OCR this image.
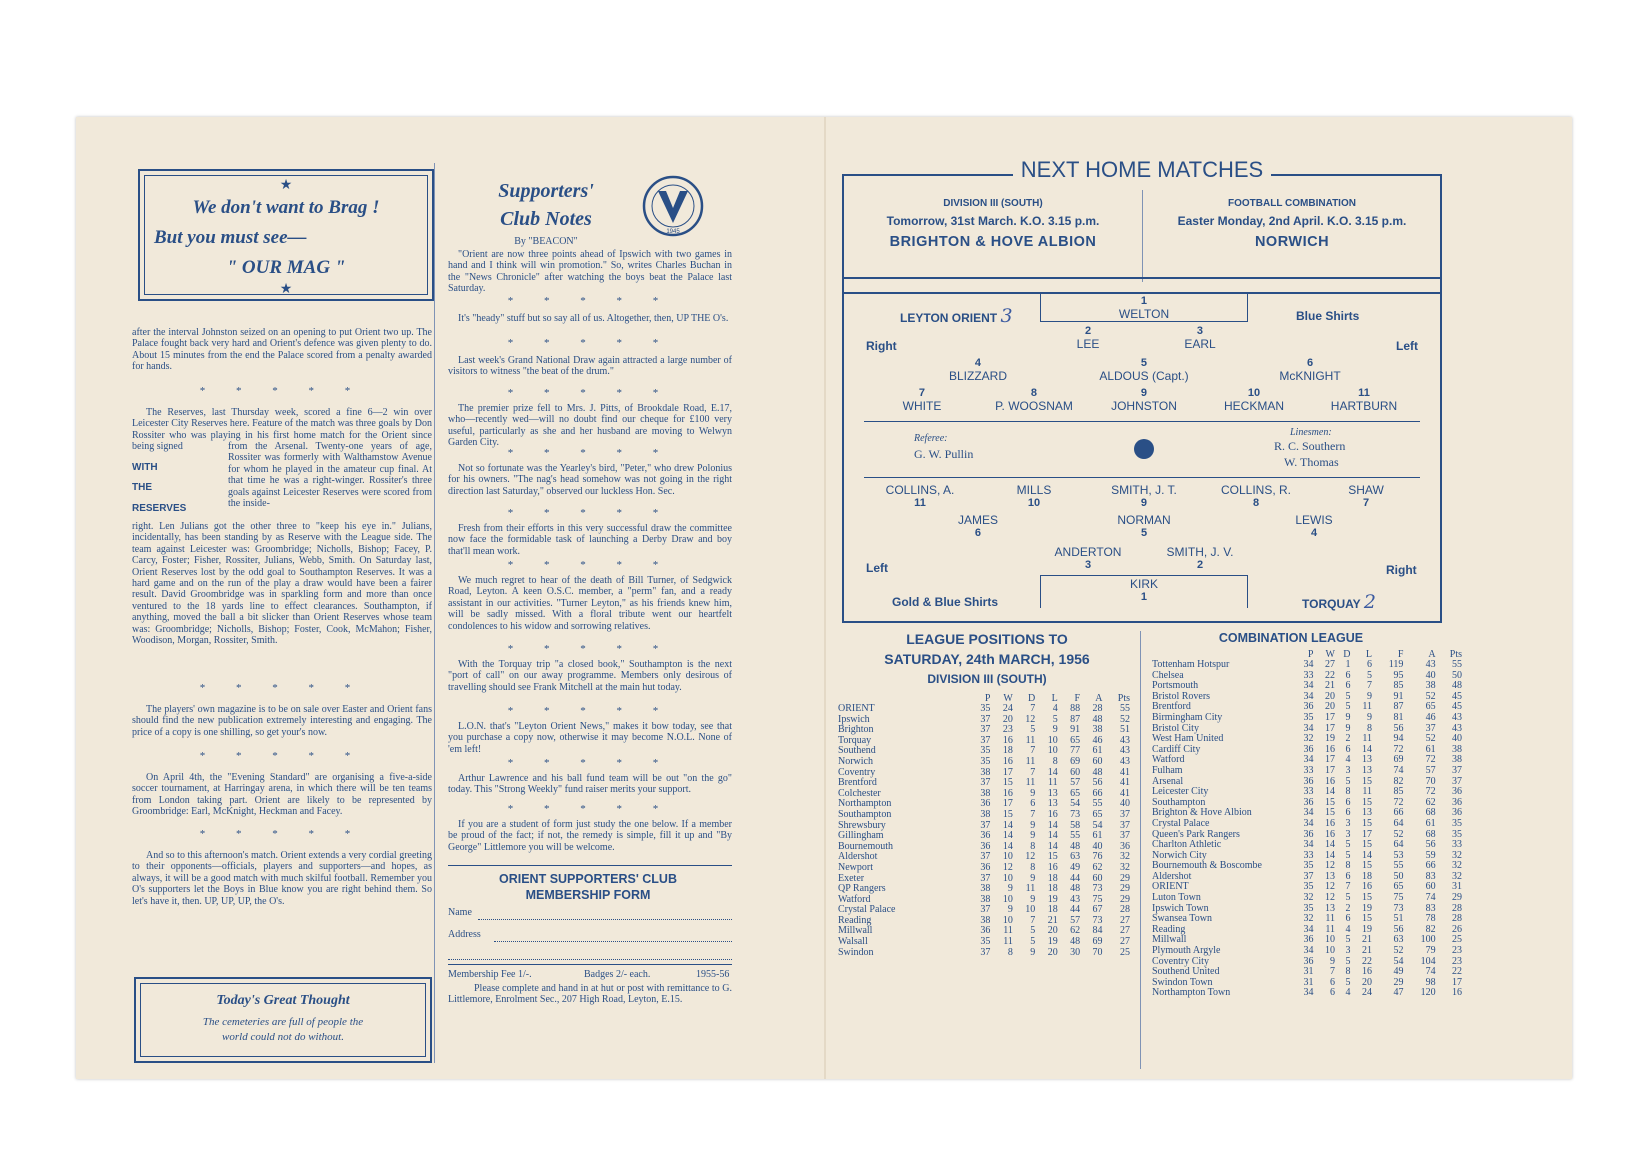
★
We don't want to Brag !
But you must see—
" OUR MAG "
★
after the interval Johnston seized on an opening to put Orient two up. The Palace fought back very hard and Orient's defence was given plenty to do. About 15 minutes from the end the Palace scored from a penalty awarded for hands.
* * * * *
The Reserves, last Thursday week, scored a fine 6—2 win over Leicester City Reserves here. Feature of the match was three goals by Don Rossiter who was playing in his first home match for the Orient since being signed
WITH
THE
RESERVES
from the Arsenal. Twenty-one years of age, Rossiter was formerly with Walthamstow Avenue for whom he played in the amateur cup final. At that time he was a right-winger. Rossiter's three goals against Leicester Reserves were scored from the inside-
right. Len Julians got the other three to "keep his eye in." Julians, incidentally, has been standing by as Reserve with the League side. The team against Leicester was: Groombridge; Nicholls, Bishop; Facey, P. Carcy, Foster; Fisher, Rossiter, Julians, Webb, Smith. On Saturday last, Orient Reserves lost by the odd goal to Southampton Reserves. It was a hard game and on the run of the play a draw would have been a fairer result. David Groombridge was in sparkling form and more than once ventured to the 18 yards line to effect clearances. Southampton, if anything, moved the ball a bit slicker than Orient Reserves whose team was: Groombridge; Nicholls, Bishop; Foster, Cook, McMahon; Fisher, Woodison, Morgan, Rossiter, Smith.
* * * * *
The players' own magazine is to be on sale over Easter and Orient fans should find the new publication extremely interesting and engaging. The price of a copy is one shilling, so get your's now.
* * * * *
On April 4th, the "Evening Standard" are organising a five-a-side soccer tournament, at Harringay arena, in which there will be ten teams from London taking part. Orient are likely to be represented by Groombridge: Earl, McKnight, Heckman and Facey.
* * * * *
And so to this afternoon's match. Orient extends a very cordial greeting to their opponents—officials, players and supporters—and hopes, as always, it will be a good match with much skilful football. Remember you O's supporters let the Boys in Blue know you are right behind them. So let's have it, then. UP, UP, UP, the O's.
Today's Great Thought
The cemeteries are full of people the
world could not do without.
Supporters'
Club Notes
By "BEACON"
1945
"Orient are now three points ahead of Ipswich with two games in hand and I think will win promotion." So, writes Charles Buchan in the "News Chronicle" after watching the boys beat the Palace last Saturday.
* * * * *
It's "heady" stuff but so say all of us. Altogether, then, UP THE O's.
* * * * *
Last week's Grand National Draw again attracted a large number of visitors to witness "the beat of the drum."
* * * * *
The premier prize fell to Mrs. J. Pitts, of Brookdale Road, E.17, who—recently wed—will no doubt find our cheque for £100 very useful, particularly as she and her husband are moving to Welwyn Garden City.
* * * * *
Not so fortunate was the Yearley's bird, "Peter," who drew Polonius for his owners. "The nag's head somehow was not going in the right direction last Saturday," observed our luckless Hon. Sec.
* * * * *
Fresh from their efforts in this very successful draw the committee now face the formidable task of launching a Derby Draw and boy that'll mean work.
* * * * *
We much regret to hear of the death of Bill Turner, of Sedgwick Road, Leyton. A keen O.S.C. member, a "perm" fan, and a ready assistant in our activities. "Turner Leyton," as his friends knew him, will be sadly missed. With a floral tribute went our heartfelt condolences to his widow and sorrowing relatives.
* * * * *
With the Torquay trip "a closed book," Southampton is the next "port of call" on our away programme. Members only desirous of travelling should see Frank Mitchell at the main hut today.
* * * * *
L.O.N. that's "Leyton Orient News," makes it bow today, see that you purchase a copy now, otherwise it may become N.O.L. None of 'em left!
* * * * *
Arthur Lawrence and his ball fund team will be out "on the go" today. This "Strong Weekly" fund raiser merits your support.
* * * * *
If you are a student of form just study the one below. If a member be proud of the fact; if not, the remedy is simple, fill it up and "By George" Littlemore you will be welcome.
ORIENT SUPPORTERS' CLUB
MEMBERSHIP FORM
Name
Address
Membership Fee 1/-.	Badges 2/- each.	1955-56
Please complete and hand in at hut or post with remittance to G. Littlemore, Enrolment Sec., 207 High Road, Leyton, E.15.
DIVISION III (SOUTH)
Tomorrow, 31st March. K.O. 3.15 p.m.
BRIGHTON & HOVE ALBION
FOOTBALL COMBINATION
Easter Monday, 2nd April. K.O. 3.15 p.m.
NORWICH
NEXT HOME MATCHES
LEYTON ORIENT 3	Blue Shirts
Right	Left
1
WELTON
2
LEE
3
EARL
4
BLIZZARD
5
ALDOUS (Capt.)
6
McKNIGHT
7
WHITE
8
P. WOOSNAM
9
JOHNSTON
10
HECKMAN
11
HARTBURN
Referee:
G. W. Pullin
Linesmen:
R. C. Southern
W. Thomas
COLLINS, A.
11
MILLS
10
SMITH, J. T.
9
COLLINS, R.
8
SHAW
7
JAMES
6
NORMAN
5
LEWIS
4
ANDERTON
3
SMITH, J. V.
2
KIRK
1
Left	Right
Gold & Blue Shirts	TORQUAY 2
LEAGUE POSITIONS TO
SATURDAY, 24th MARCH, 1956
DIVISION III (SOUTH)
	P	W	D	L	F	A	Pts
ORIENT	35	24	7	4	88	28	55
Ipswich	37	20	12	5	87	48	52
Brighton	37	23	5	9	91	38	51
Torquay	37	16	11	10	65	46	43
Southend	35	18	7	10	77	61	43
Norwich	35	16	11	8	69	60	43
Coventry	38	17	7	14	60	48	41
Brentford	37	15	11	11	57	56	41
Colchester	38	16	9	13	65	66	41
Northampton	36	17	6	13	54	55	40
Southampton	38	15	7	16	73	65	37
Shrewsbury	37	14	9	14	58	54	37
Gillingham	36	14	9	14	55	61	37
Bournemouth	36	14	8	14	48	40	36
Aldershot	37	10	12	15	63	76	32
Newport	36	12	8	16	49	62	32
Exeter	37	10	9	18	44	60	29
QP Rangers	38	9	11	18	48	73	29
Watford	38	10	9	19	43	75	29
Crystal Palace	37	9	10	18	44	67	28
Reading	38	10	7	21	57	73	27
Millwall	36	11	5	20	62	84	27
Walsall	35	11	5	19	48	69	27
Swindon	37	8	9	20	30	70	25
COMBINATION LEAGUE
	P	W	D	L	F	A	Pts
Tottenham Hotspur	34	27	1	6	119	43	55
Chelsea	33	22	6	5	95	40	50
Portsmouth	34	21	6	7	85	38	48
Bristol Rovers	34	20	5	9	91	52	45
Brentford	36	20	5	11	87	65	45
Birmingham City	35	17	9	9	81	46	43
Bristol City	34	17	9	8	56	37	43
West Ham United	32	19	2	11	94	52	40
Cardiff City	36	16	6	14	72	61	38
Watford	34	17	4	13	69	72	38
Fulham	33	17	3	13	74	57	37
Arsenal	36	16	5	15	82	70	37
Leicester City	33	14	8	11	85	72	36
Southampton	36	15	6	15	72	62	36
Brighton & Hove Albion	34	15	6	13	66	68	36
Crystal Palace	34	16	3	15	64	61	35
Queen's Park Rangers	36	16	3	17	52	68	35
Charlton Athletic	34	14	5	15	64	56	33
Norwich City	33	14	5	14	53	59	32
Bournemouth & Boscombe	35	12	8	15	55	66	32
Aldershot	37	13	6	18	50	83	32
ORIENT	35	12	7	16	65	60	31
Luton Town	32	12	5	15	75	74	29
Ipswich Town	35	13	2	19	73	83	28
Swansea Town	32	11	6	15	51	78	28
Reading	34	11	4	19	56	82	26
Millwall	36	10	5	21	63	100	25
Plymouth Argyle	34	10	3	21	52	79	23
Coventry City	36	9	5	22	54	104	23
Southend United	31	7	8	16	49	74	22
Swindon Town	31	6	5	20	29	98	17
Northampton Town	34	6	4	24	47	120	16
